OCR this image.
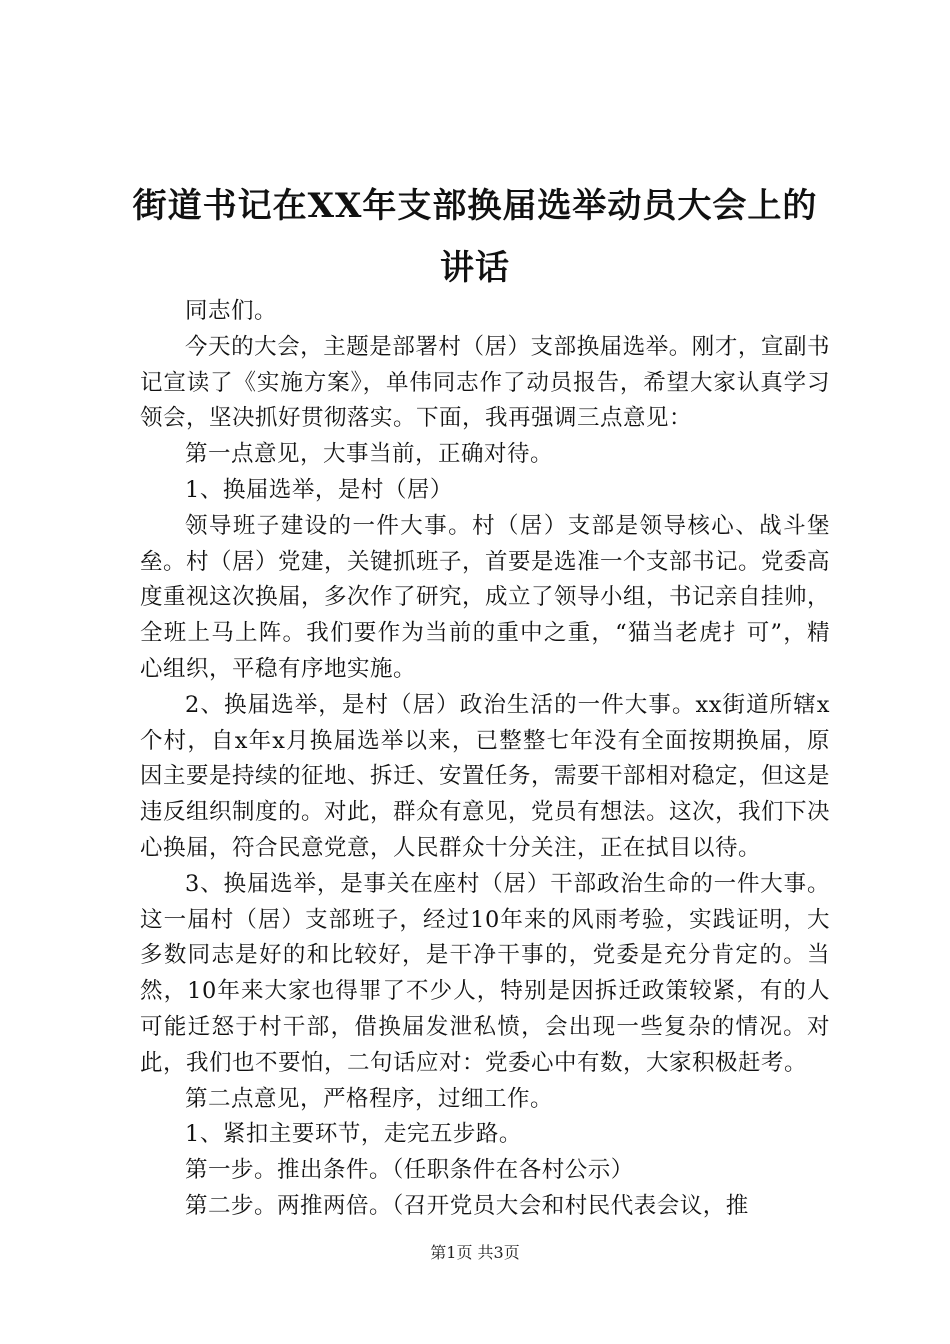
街道书记在XX年支部换届选举动员大会上的
讲话

同志们。

今天的大会，主题是部署村（居）支部换届选举。刚才，宣副书记宣读了《实施方案》，单伟同志作了动员报告，希望大家认真学习领会，坚决抓好贯彻落实。下面，我再强调三点意见：

第一点意见，大事当前，正确对待。

1、换届选举，是村（居）

领导班子建设的一件大事。村（居）支部是领导核心、战斗堡垒。村（居）党建，关键抓班子，首要是选准一个支部书记。党委高度重视这次换届，多次作了研究，成立了领导小组，书记亲自挂帅，全班上马上阵。我们要作为当前的重中之重，“猫当老虎扌可”，精心组织，平稳有序地实施。

2、换届选举，是村（居）政治生活的一件大事。xx街道所辖x个村，自x年x月换届选举以来，已整整七年没有全面按期换届，原因主要是持续的征地、拆迁、安置任务，需要干部相对稳定，但这是违反组织制度的。对此，群众有意见，党员有想法。这次，我们下决心换届，符合民意党意，人民群众十分关注，正在拭目以待。

3、换届选举，是事关在座村（居）干部政治生命的一件大事。这一届村（居）支部班子，经过10年来的风雨考验，实践证明，大多数同志是好的和比较好，是干净干事的，党委是充分肯定的。当然，10年来大家也得罪了不少人，特别是因拆迁政策较紧，有的人可能迁怒于村干部，借换届发泄私愤，会出现一些复杂的情况。对此，我们也不要怕，二句话应对：党委心中有数，大家积极赶考。

第二点意见，严格程序，过细工作。

1、紧扣主要环节，走完五步路。

第一步。推出条件。（任职条件在各村公示）

第二步。两推两倍。（召开党员大会和村民代表会议，推

第1页 共3页
